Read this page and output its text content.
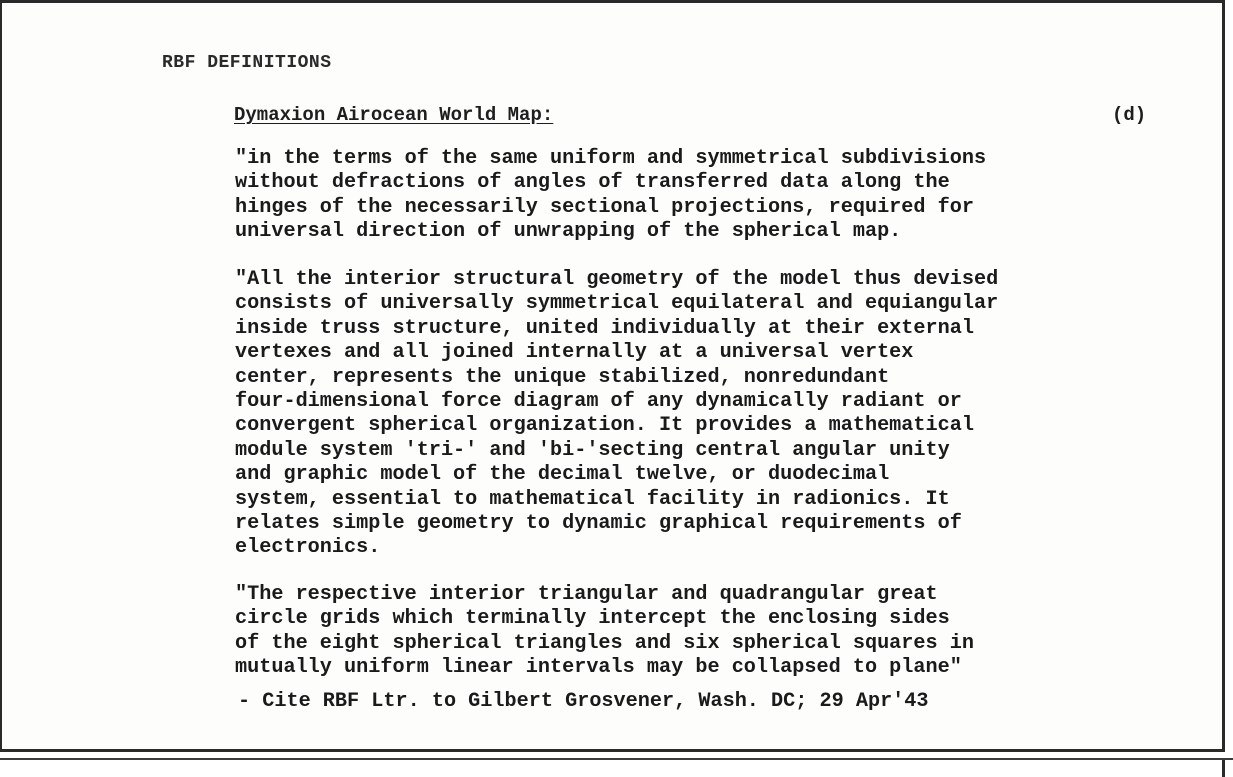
RBF DEFINITIONS
Dymaxion Airocean World Map:	(d)

"in the terms of the same uniform and symmetrical subdivisions
without defractions of angles of transferred data along the
hinges of the necessarily sectional projections, required for
universal direction of unwrapping of the spherical map.

"All the interior structural geometry of the model thus devised
consists of universally symmetrical equilateral and equiangular
inside truss structure, united individually at their external
vertexes and all joined internally at a universal vertex
center, represents the unique stabilized, nonredundant
four-dimensional force diagram of any dynamically radiant or
convergent spherical organization. It provides a mathematical
module system 'tri-' and 'bi-'secting central angular unity
and graphic model of the decimal twelve, or duodecimal
system, essential to mathematical facility in radionics. It
relates simple geometry to dynamic graphical requirements of
electronics.

"The respective interior triangular and quadrangular great
circle grids which terminally intercept the enclosing sides
of the eight spherical triangles and six spherical squares in
mutually uniform linear intervals may be collapsed to plane"

- Cite RBF Ltr. to Gilbert Grosvener, Wash. DC; 29 Apr'43
